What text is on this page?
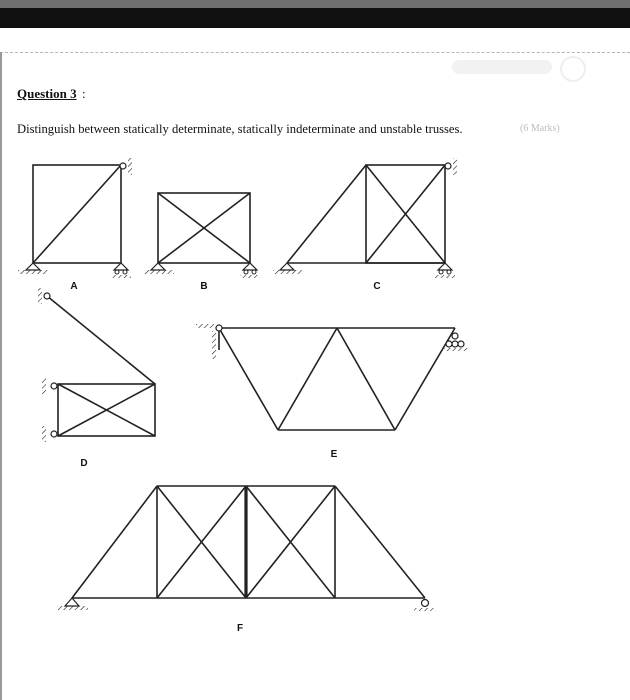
Question 3 :
Distinguish between statically determinate, statically indeterminate and unstable trusses.	(6 Marks)
A	B	C
D
E
F
